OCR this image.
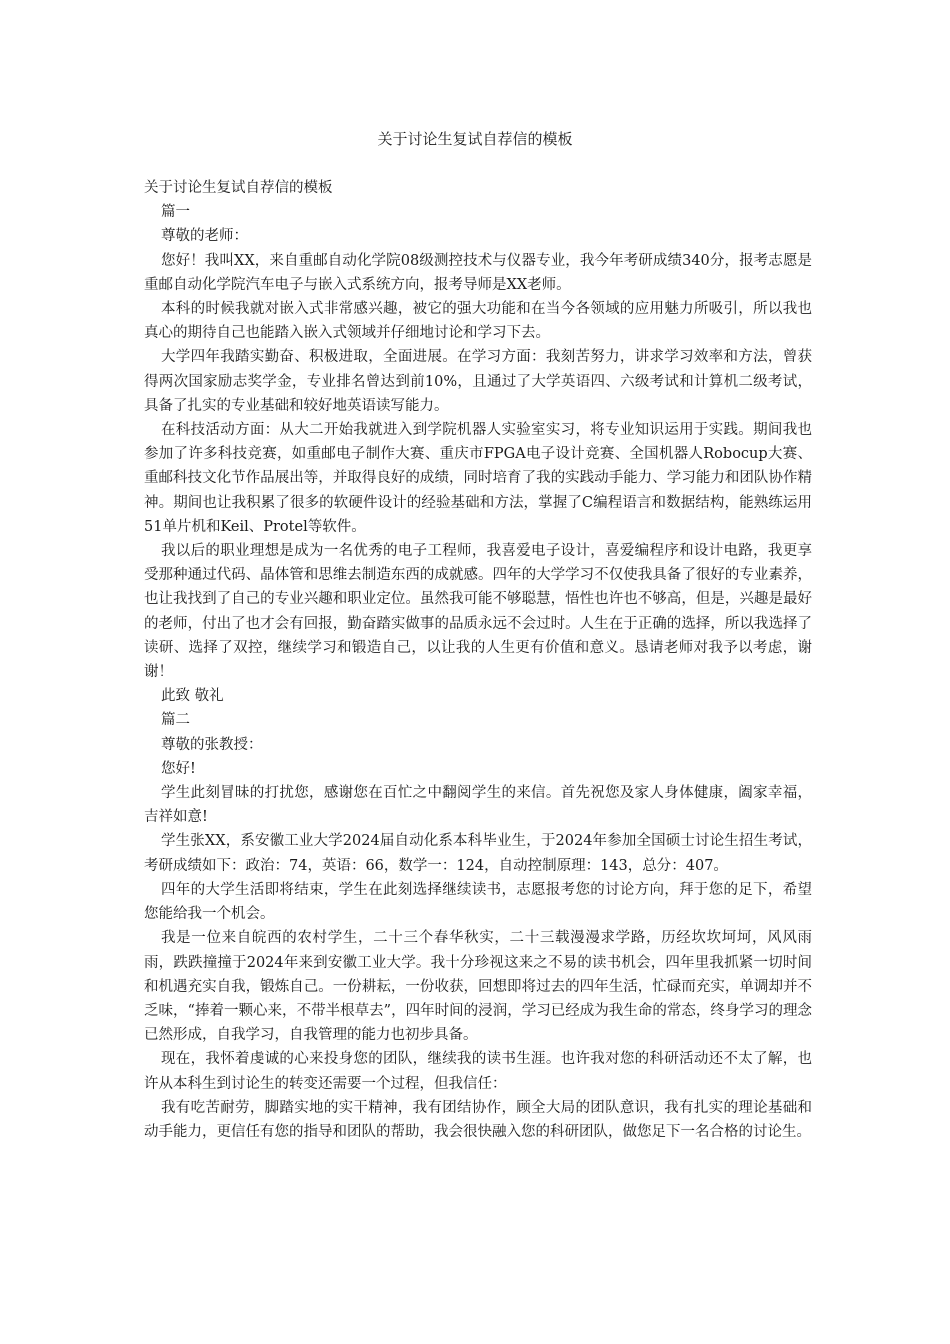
关于讨论生复试自荐信的模板

关于讨论生复试自荐信的模板

篇一

尊敬的老师：

您好！我叫XX，来自重邮自动化学院08级测控技术与仪器专业，我今年考研成绩340分，报考志愿是重邮自动化学院汽车电子与嵌入式系统方向，报考导师是XX老师。

本科的时候我就对嵌入式非常感兴趣，被它的强大功能和在当今各领域的应用魅力所吸引，所以我也真心的期待自己也能踏入嵌入式领域并仔细地讨论和学习下去。

大学四年我踏实勤奋、积极进取，全面进展。在学习方面：我刻苦努力，讲求学习效率和方法，曾获得两次国家励志奖学金，专业排名曾达到前10%，且通过了大学英语四、六级考试和计算机二级考试，具备了扎实的专业基础和较好地英语读写能力。

在科技活动方面：从大二开始我就进入到学院机器人实验室实习，将专业知识运用于实践。期间我也参加了许多科技竞赛，如重邮电子制作大赛、重庆市FPGA电子设计竞赛、全国机器人Robocup大赛、重邮科技文化节作品展出等，并取得良好的成绩，同时培育了我的实践动手能力、学习能力和团队协作精神。期间也让我积累了很多的软硬件设计的经验基础和方法，掌握了C编程语言和数据结构，能熟练运用51单片机和Keil、Protel等软件。

我以后的职业理想是成为一名优秀的电子工程师，我喜爱电子设计，喜爱编程序和设计电路，我更享受那种通过代码、晶体管和思维去制造东西的成就感。四年的大学学习不仅使我具备了很好的专业素养，也让我找到了自己的专业兴趣和职业定位。虽然我可能不够聪慧，悟性也许也不够高，但是，兴趣是最好的老师，付出了也才会有回报，勤奋踏实做事的品质永远不会过时。人生在于正确的选择，所以我选择了读研、选择了双控，继续学习和锻造自己，以让我的人生更有价值和意义。恳请老师对我予以考虑，谢谢！

此致 敬礼

篇二

尊敬的张教授：

您好!

学生此刻冒昧的打扰您，感谢您在百忙之中翻阅学生的来信。首先祝您及家人身体健康，阖家幸福，吉祥如意!

学生张XX，系安徽工业大学2024届自动化系本科毕业生，于2024年参加全国硕士讨论生招生考试，考研成绩如下：政治：74，英语：66，数学一：124，自动控制原理：143，总分：407。

四年的大学生活即将结束，学生在此刻选择继续读书，志愿报考您的讨论方向，拜于您的足下，希望您能给我一个机会。

我是一位来自皖西的农村学生，二十三个春华秋实，二十三载漫漫求学路，历经坎坎坷坷，风风雨雨，跌跌撞撞于2024年来到安徽工业大学。我十分珍视这来之不易的读书机会，四年里我抓紧一切时间和机遇充实自我，锻炼自己。一份耕耘，一份收获，回想即将过去的四年生活，忙碌而充实，单调却并不乏味，“捧着一颗心来，不带半根草去”，四年时间的浸润，学习已经成为我生命的常态，终身学习的理念已然形成，自我学习，自我管理的能力也初步具备。

现在，我怀着虔诚的心来投身您的团队，继续我的读书生涯。也许我对您的科研活动还不太了解，也许从本科生到讨论生的转变还需要一个过程，但我信任：

我有吃苦耐劳，脚踏实地的实干精神，我有团结协作，顾全大局的团队意识，我有扎实的理论基础和动手能力，更信任有您的指导和团队的帮助，我会很快融入您的科研团队，做您足下一名合格的讨论生。
